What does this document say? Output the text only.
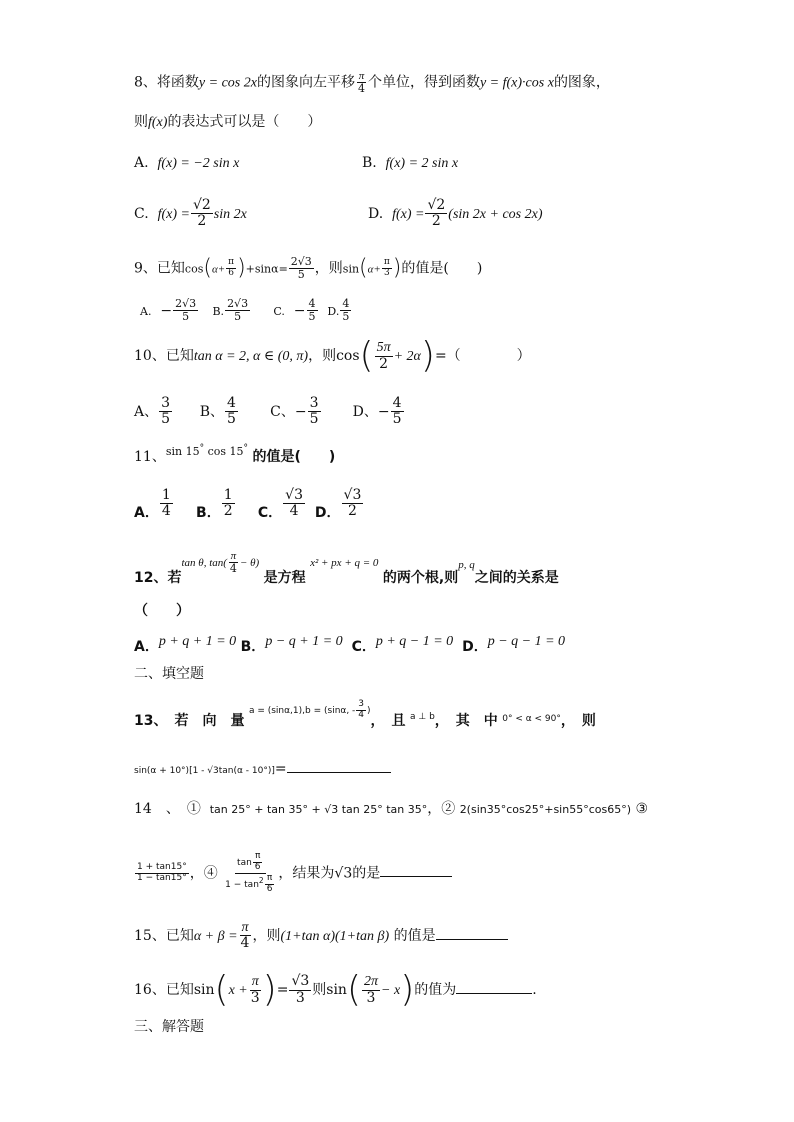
8、将函数y = cos 2x的图象向左平移 $\frac{\pi}{4}$ 个单位，得到函数y = f(x)·cos x的图象，
则f(x)的表达式可以是（　　）
A. f(x) = −2 sin x	B. f(x) = 2 sin x
C. $f(x) = \frac{√2}{2}$ sin 2x	D. $f(x) = \frac{√2}{2} (\sin$ 2x + cos 2x)
9、已知$\cos(\alpha+ \frac{\pi}{6} )+\sin\alpha= \frac{2√3}{5}$ ，则$\sin(\alpha+ \frac{\pi}{3}$ )的值是(　　)
A. − $\frac{2√3}{5} B$. $\frac{2√3}{5} C$. − $\frac{4}{5} D$. $\frac{4}{5}$
10、已知tan α = 2, α ∈ (0, π)，则$\cos( \frac{5\pi}{2} + 2\alpha)=$（　　　　）
A、 $\frac{3}{5}$ B、 $\frac{4}{5}$ C、− $\frac{3}{5}$ D、− $\frac{4}{5}$
11、$^{sin 15^\circ cos 15^\circ}$ 的值是(　　)
A． $\frac{1}{4}$ B． $\frac{1}{2}$ C． $\frac{√3}{4}$ D． $\frac{√3}{2}$
12、若$^{tan \theta, tan( \frac{\pi}{4} - \theta)}$ 是方程 $^{x^2 + px + q = 0}$ 的两个根,则$^{p, q}$之间的关系是
（　　）
A．p + q + 1 = 0 B．p − q + 1 = 0 C．p + q − 1 = 0 D．p − q − 1 = 0
二、填空题
13、　若　向　量 $^{a = (sin\alpha,1),b = (sin\alpha, - \frac{3}{4} )}$，　且 $^{a \perp b}$，　其　中 $^{0^\circ < \alpha < 90^\circ}$，　则
sin(α + 10°)[1 - √3tan(α - 10°)]=
14　、　① tan 25° + tan 35° + √3 tan 25° tan 35°，② 2(sin35°cos25°+sin55°cos65°) ③
$\frac{1 + \tan 15^\circ}{1 - \tan 15^\circ}$ ，④ $\frac{\tan \frac{\pi}{6}}{1 - \tan^2 \frac{\pi}{6}}$ ，结果为√3的是
15、已知$\alpha + \beta = \frac{\pi}{4}$ ，则(1+tan α)(1+tan β) 的值是
16、已知$\sin(x + \frac{\pi}{3}$ )= $\frac{√3}{3}$ 则$\sin( \frac{2\pi}{3} - x)$的值为	.
三、解答题
